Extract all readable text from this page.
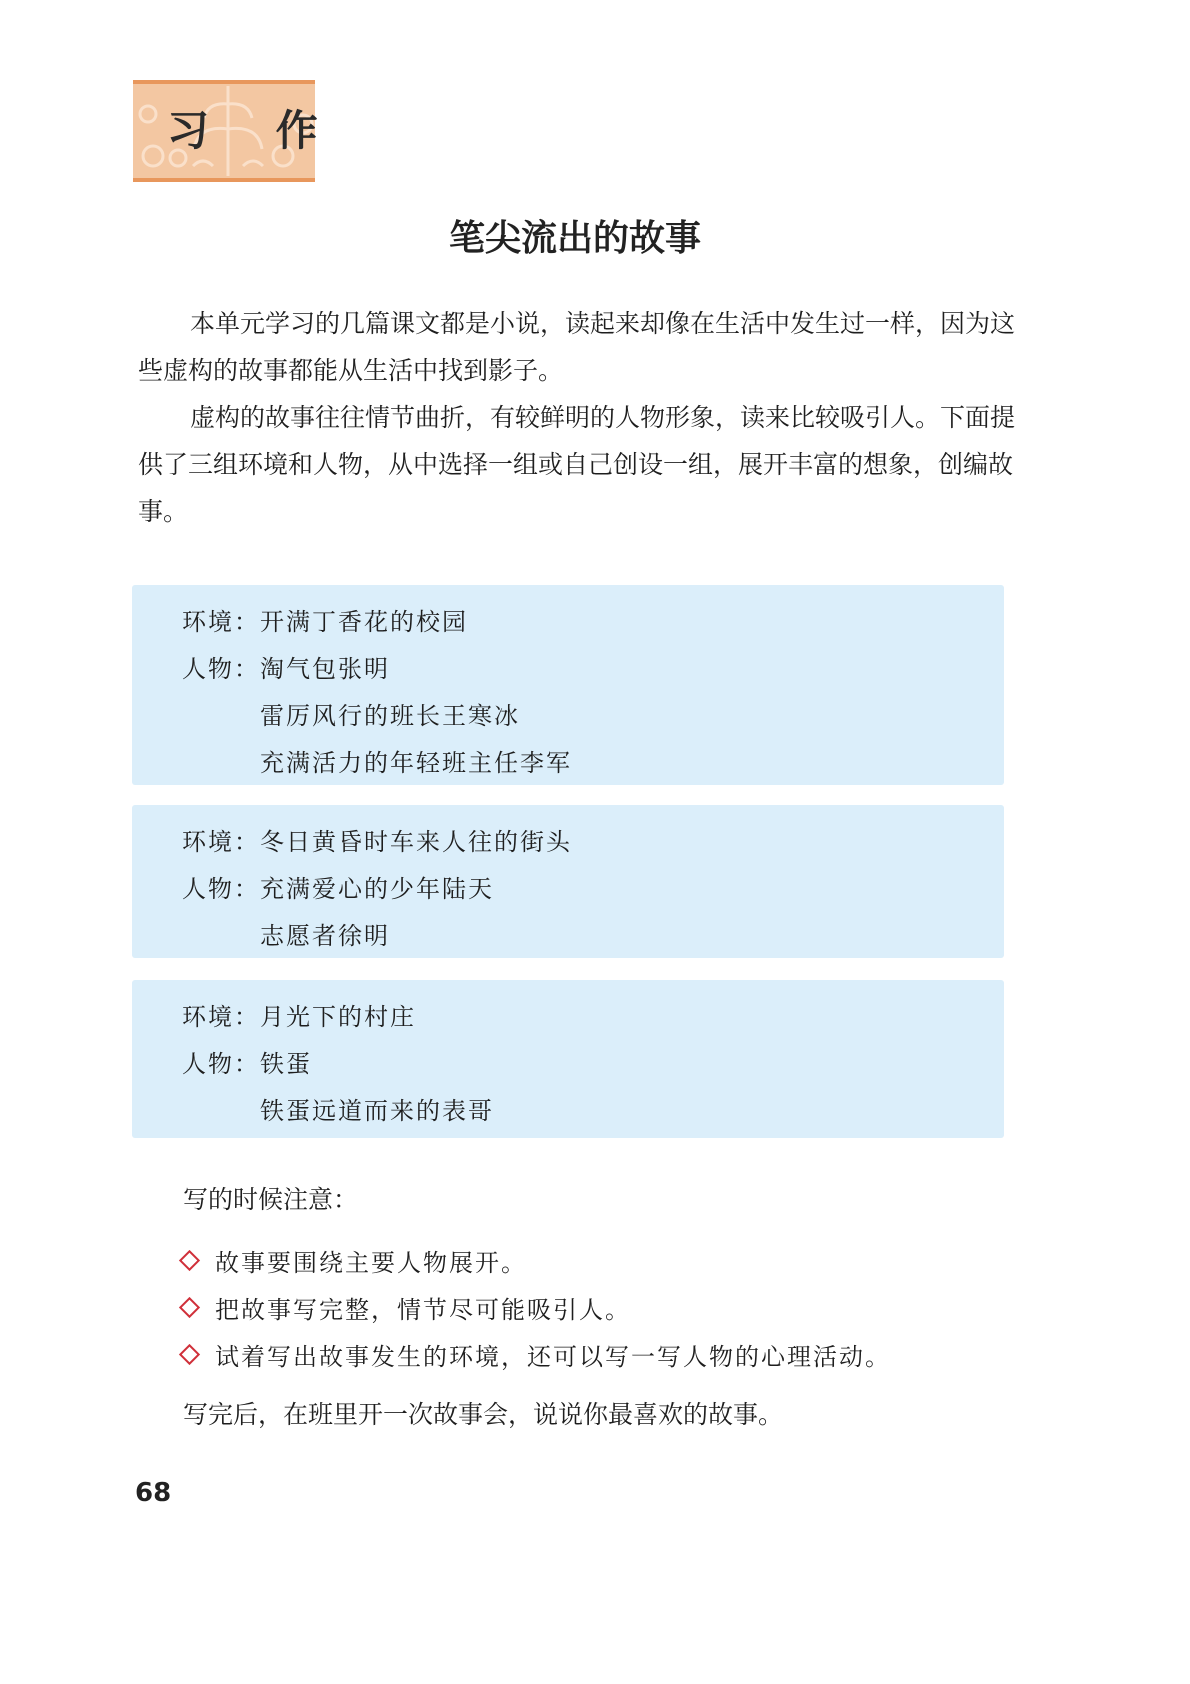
习 作
笔尖流出的故事

本单元学习的几篇课文都是小说，读起来却像在生活中发生过一样，因为这些虚构的故事都能从生活中找到影子。

虚构的故事往往情节曲折，有较鲜明的人物形象，读来比较吸引人。下面提供了三组环境和人物，从中选择一组或自己创设一组，展开丰富的想象，创编故事。

环境：开满丁香花的校园
人物：淘气包张明
雷厉风行的班长王寒冰
充满活力的年轻班主任李军
环境：冬日黄昏时车来人往的街头
人物：充满爱心的少年陆天
志愿者徐明
环境：月光下的村庄
人物：铁蛋
铁蛋远道而来的表哥
写的时候注意：
故事要围绕主要人物展开。
把故事写完整，情节尽可能吸引人。
试着写出故事发生的环境，还可以写一写人物的心理活动。
写完后，在班里开一次故事会，说说你最喜欢的故事。
68
